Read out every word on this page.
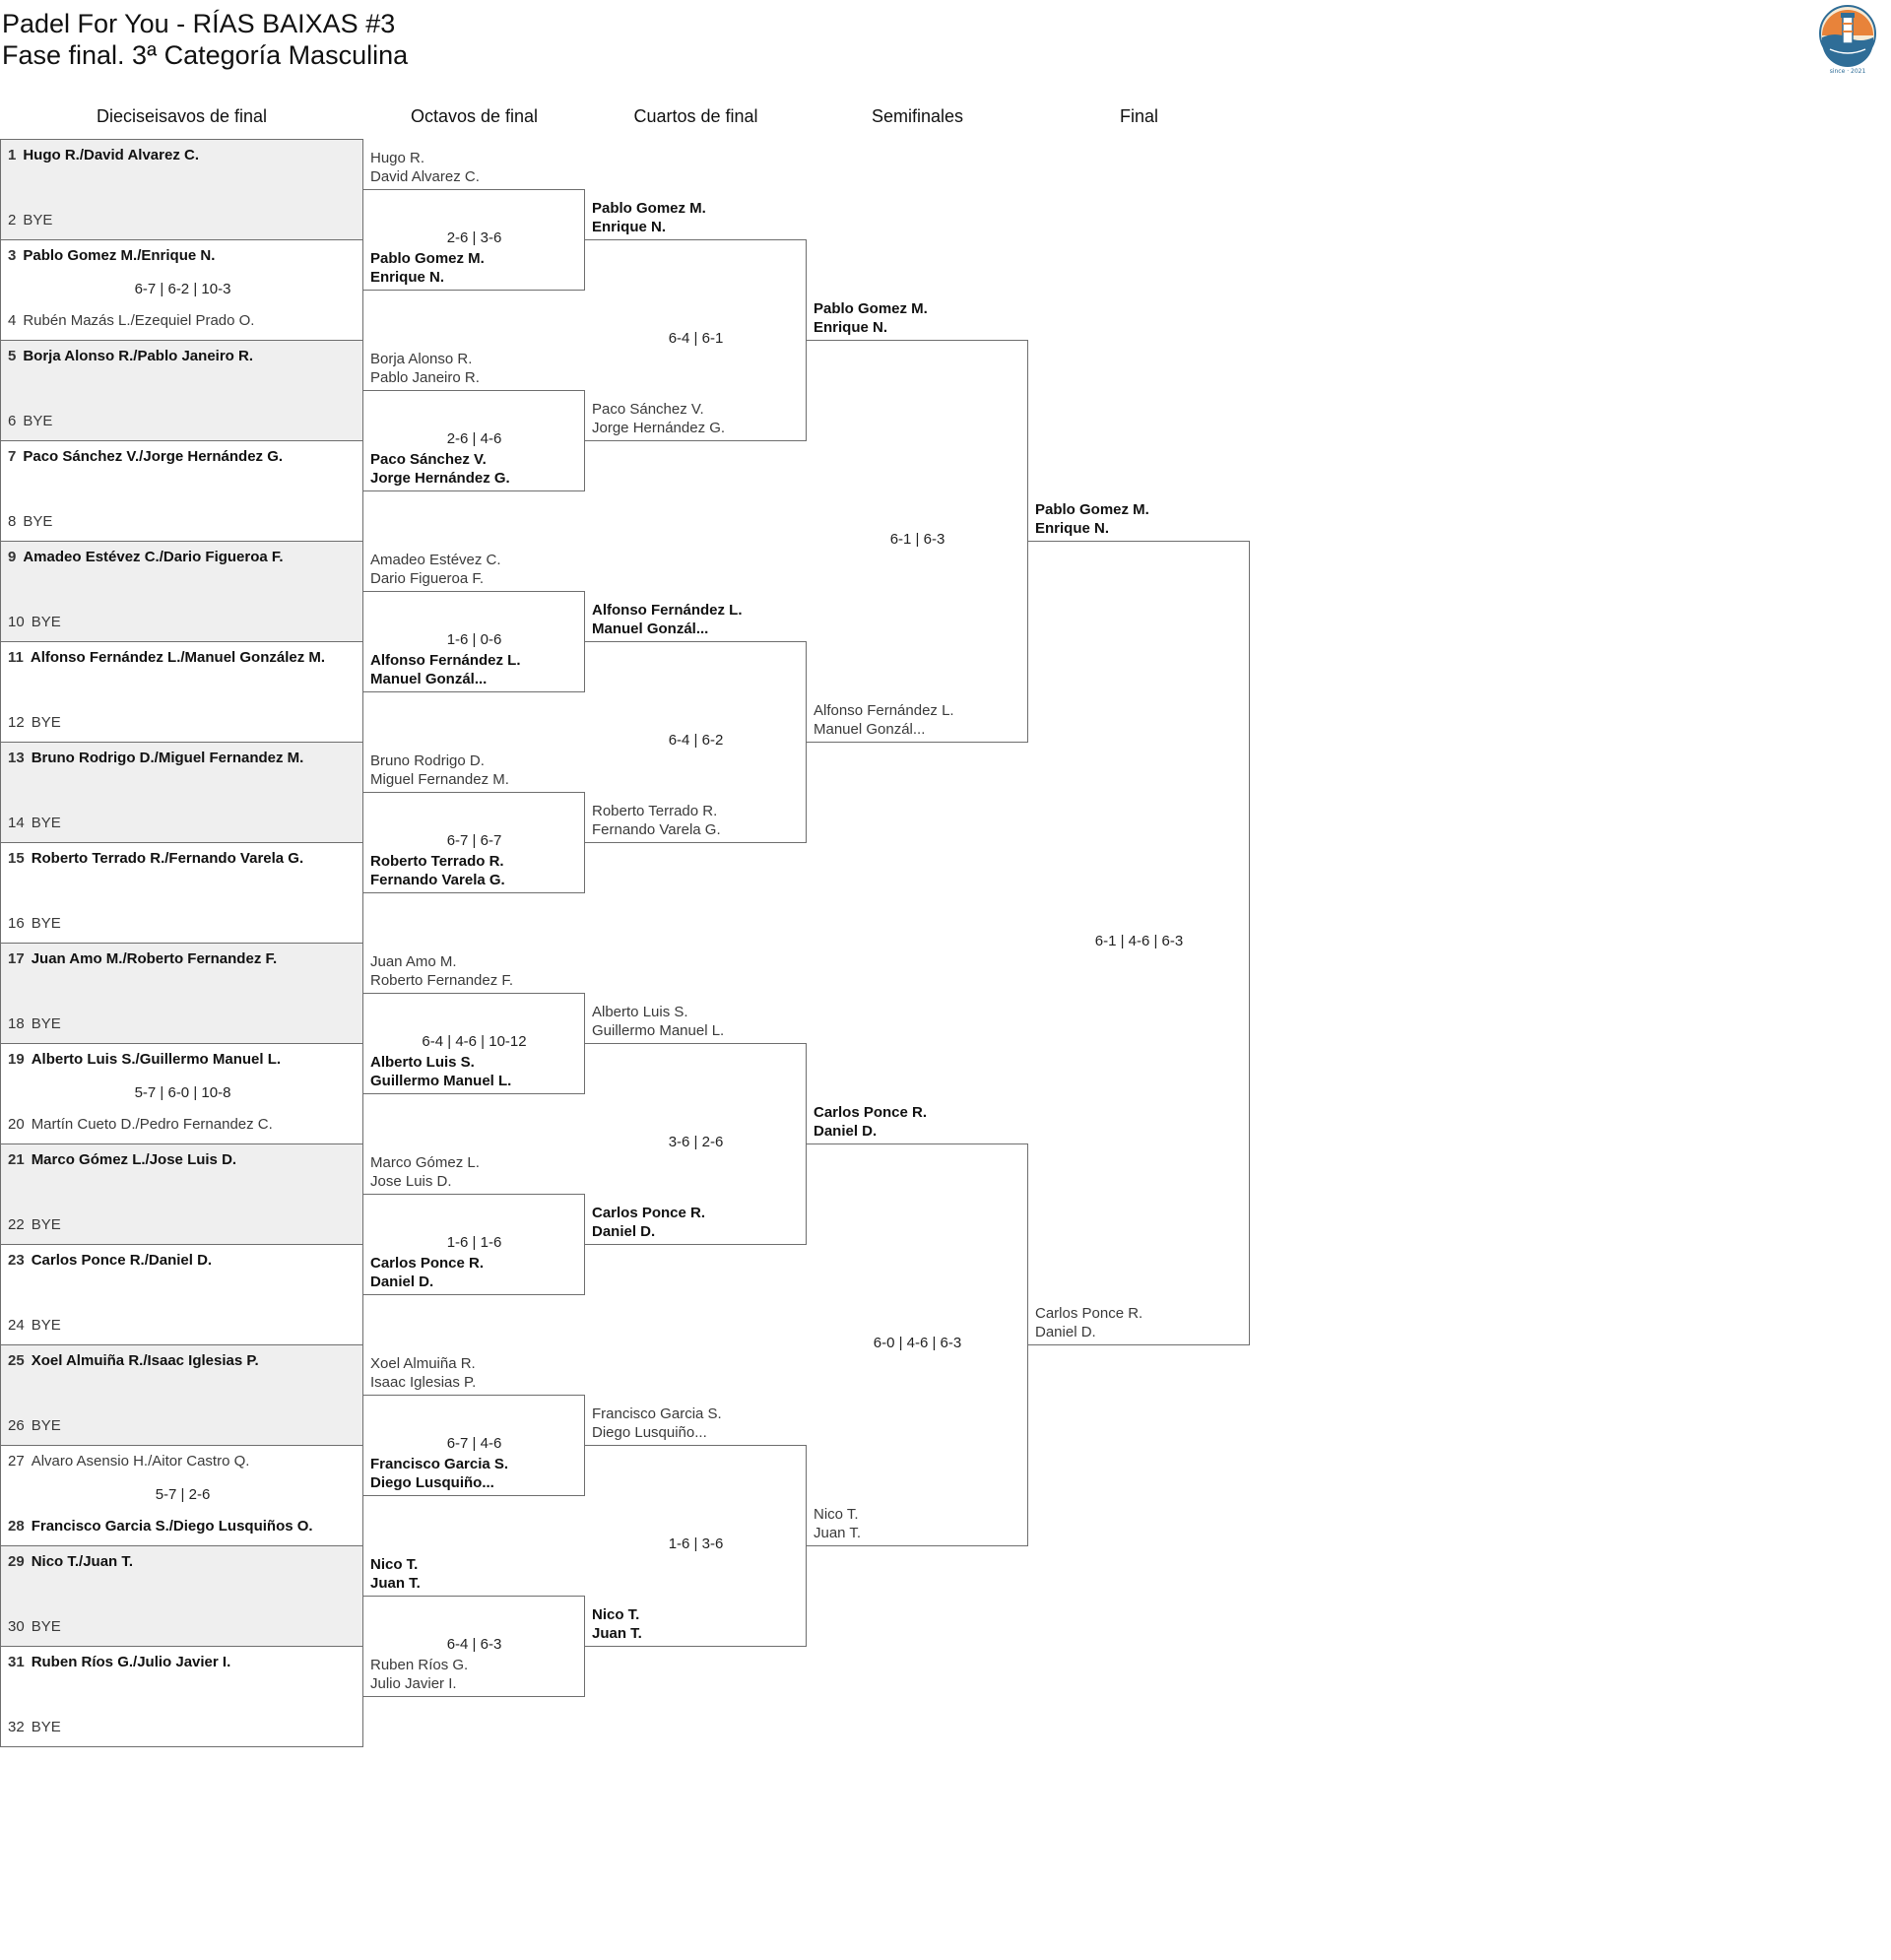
Padel For You - RÍAS BAIXAS #3
Fase final. 3ª Categoría Masculina
since · 2021
Dieciseisavos de final	Octavos de final	Cuartos de final	Semifinales	Final
1 Hugo R./David Alvarez C.
2 BYE
3 Pablo Gomez M./Enrique N.
4 Rubén Mazás L./Ezequiel Prado O.
6-7 | 6-2 | 10-3
5 Borja Alonso R./Pablo Janeiro R.
6 BYE
7 Paco Sánchez V./Jorge Hernández G.
8 BYE
9 Amadeo Estévez C./Dario Figueroa F.
10 BYE
11 Alfonso Fernández L./Manuel González M.
12 BYE
13 Bruno Rodrigo D./Miguel Fernandez M.
14 BYE
15 Roberto Terrado R./Fernando Varela G.
16 BYE
17 Juan Amo M./Roberto Fernandez F.
18 BYE
19 Alberto Luis S./Guillermo Manuel L.
20 Martín Cueto D./Pedro Fernandez C.
5-7 | 6-0 | 10-8
21 Marco Gómez L./Jose Luis D.
22 BYE
23 Carlos Ponce R./Daniel D.
24 BYE
25 Xoel Almuiña R./Isaac Iglesias P.
26 BYE
27 Alvaro Asensio H./Aitor Castro Q.
28 Francisco Garcia S./Diego Lusquiños O.
5-7 | 2-6
29 Nico T./Juan T.
30 BYE
31 Ruben Ríos G./Julio Javier I.
32 BYE
Hugo R.
David Alvarez C.
Pablo Gomez M.
Enrique N.
2-6 | 3-6
Borja Alonso R.
Pablo Janeiro R.
Paco Sánchez V.
Jorge Hernández G.
2-6 | 4-6
Amadeo Estévez C.
Dario Figueroa F.
Alfonso Fernández L.
Manuel Gonzál...
1-6 | 0-6
Bruno Rodrigo D.
Miguel Fernandez M.
Roberto Terrado R.
Fernando Varela G.
6-7 | 6-7
Juan Amo M.
Roberto Fernandez F.
Alberto Luis S.
Guillermo Manuel L.
6-4 | 4-6 | 10-12
Marco Gómez L.
Jose Luis D.
Carlos Ponce R.
Daniel D.
1-6 | 1-6
Xoel Almuiña R.
Isaac Iglesias P.
Francisco Garcia S.
Diego Lusquiño...
6-7 | 4-6
Nico T.
Juan T.
Ruben Ríos G.
Julio Javier I.
6-4 | 6-3
Pablo Gomez M.
Enrique N.
Paco Sánchez V.
Jorge Hernández G.
6-4 | 6-1
Alfonso Fernández L.
Manuel Gonzál...
Roberto Terrado R.
Fernando Varela G.
6-4 | 6-2
Alberto Luis S.
Guillermo Manuel L.
Carlos Ponce R.
Daniel D.
3-6 | 2-6
Francisco Garcia S.
Diego Lusquiño...
Nico T.
Juan T.
1-6 | 3-6
Pablo Gomez M.
Enrique N.
Alfonso Fernández L.
Manuel Gonzál...
6-1 | 6-3
Carlos Ponce R.
Daniel D.
Nico T.
Juan T.
6-0 | 4-6 | 6-3
Pablo Gomez M.
Enrique N.
Carlos Ponce R.
Daniel D.
6-1 | 4-6 | 6-3
